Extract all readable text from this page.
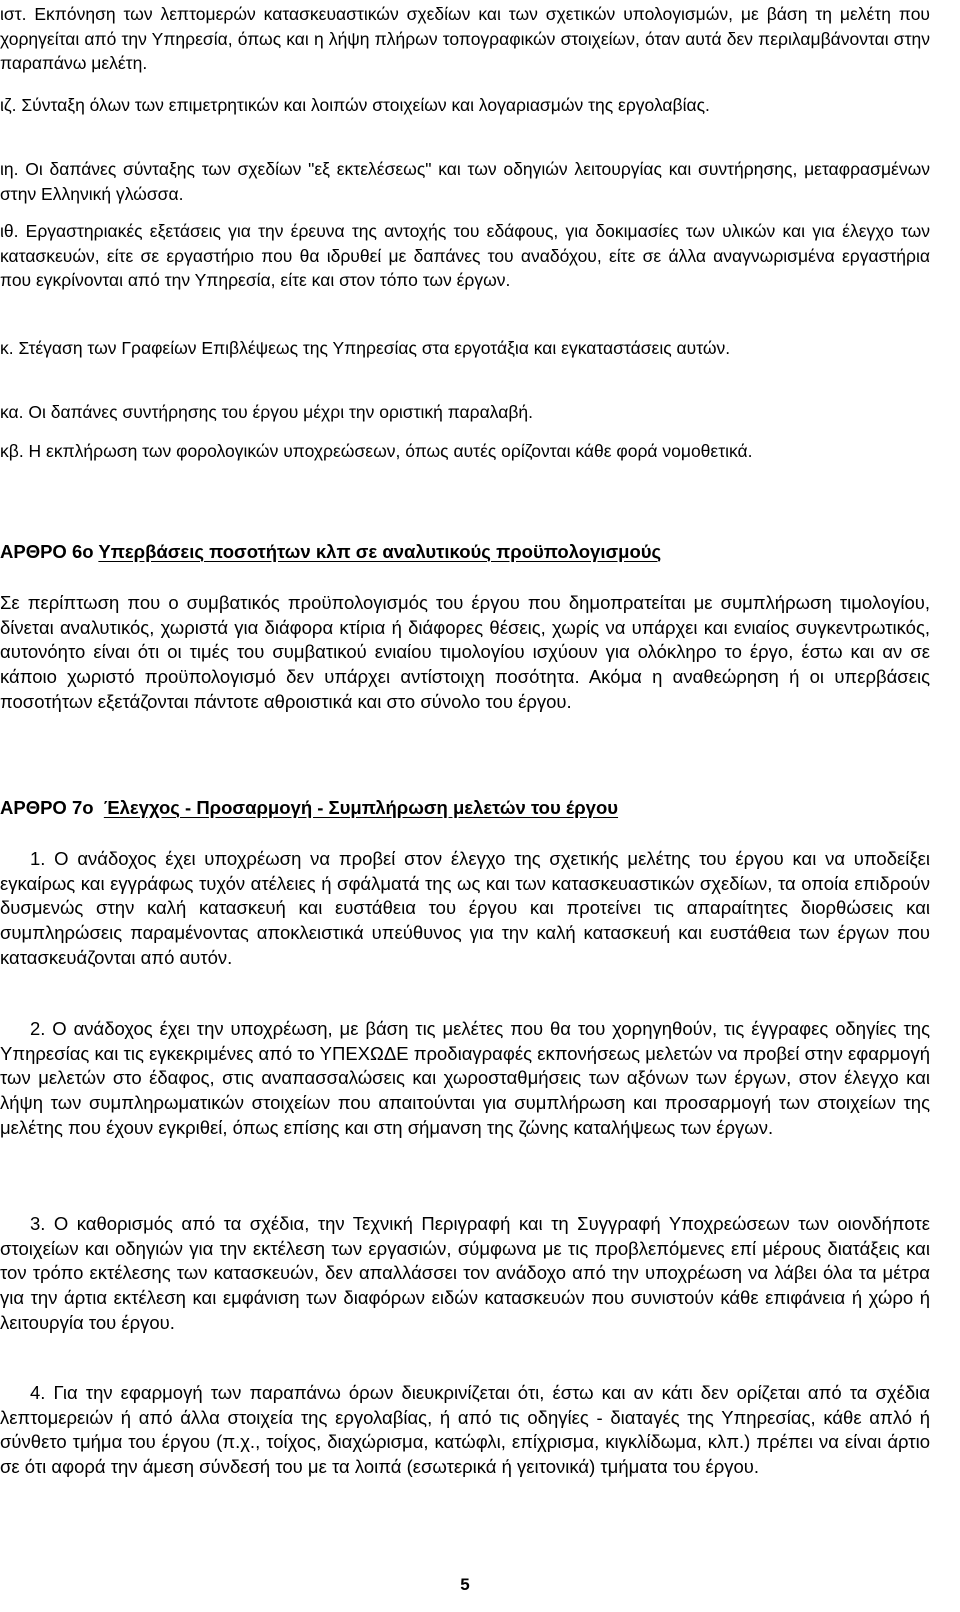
ιστ. Εκπόνηση των λεπτομερών κατασκευαστικών σχεδίων και των σχετικών υπολογισμών, με βάση τη μελέτη που χορηγείται από την Υπηρεσία, όπως και η λήψη πλήρων τοπογραφικών στοιχείων, όταν αυτά δεν περιλαμβάνονται στην παραπάνω μελέτη.

ιζ. Σύνταξη όλων των επιμετρητικών και λοιπών στοιχείων και λογαριασμών της εργολαβίας.

ιη. Οι δαπάνες σύνταξης των σχεδίων "εξ εκτελέσεως" και των οδηγιών λειτουργίας και συντήρησης, μεταφρασμένων στην Ελληνική γλώσσα.

ιθ. Εργαστηριακές εξετάσεις για την έρευνα της αντοχής του εδάφους, για δοκιμασίες των υλικών και για έλεγχο των κατασκευών, είτε σε εργαστήριο που θα ιδρυθεί με δαπάνες του αναδόχου, είτε σε άλλα αναγνωρισμένα εργαστήρια που εγκρίνονται από την Υπηρεσία, είτε και στον τόπο των έργων.

κ. Στέγαση των Γραφείων Επιβλέψεως της Υπηρεσίας στα εργοτάξια και εγκαταστάσεις αυτών.

κα. Οι δαπάνες συντήρησης του έργου μέχρι την οριστική παραλαβή.

κβ. Η εκπλήρωση των φορολογικών υποχρεώσεων, όπως αυτές ορίζονται κάθε φορά νομοθετικά.

ΑΡΘΡΟ 6ο Υπερβάσεις ποσοτήτων κλπ σε αναλυτικούς προϋπολογισμούς

Σε περίπτωση που ο συμβατικός προϋπολογισμός του έργου που δημοπρατείται με συμπλήρωση τιμολογίου, δίνεται αναλυτικός, χωριστά για διάφορα κτίρια ή διάφορες θέσεις, χωρίς να υπάρχει και ενιαίος συγκεντρωτικός, αυτονόητο είναι ότι οι τιμές του συμβατικού ενιαίου τιμολογίου ισχύουν για ολόκληρο το έργο, έστω και αν σε κάποιο χωριστό προϋπολογισμό δεν υπάρχει αντίστοιχη ποσότητα. Ακόμα η αναθεώρηση ή οι υπερβάσεις ποσοτήτων εξετάζονται πάντοτε αθροιστικά και στο σύνολο του έργου.

ΑΡΘΡΟ 7ο Έλεγχος - Προσαρμογή - Συμπλήρωση μελετών του έργου

1. Ο ανάδοχος έχει υποχρέωση να προβεί στον έλεγχο της σχετικής μελέτης του έργου και να υποδείξει εγκαίρως και εγγράφως τυχόν ατέλειες ή σφάλματά της ως και των κατασκευαστικών σχεδίων, τα οποία επιδρούν δυσμενώς στην καλή κατασκευή και ευστάθεια του έργου και προτείνει τις απαραίτητες διορθώσεις και συμπληρώσεις παραμένοντας αποκλειστικά υπεύθυνος για την καλή κατασκευή και ευστάθεια των έργων που κατασκευάζονται από αυτόν.

2. Ο ανάδοχος έχει την υποχρέωση, με βάση τις μελέτες που θα του χορηγηθούν, τις έγγραφες οδηγίες της Υπηρεσίας και τις εγκεκριμένες από το ΥΠΕΧΩΔΕ προδιαγραφές εκπονήσεως μελετών να προβεί στην εφαρμογή των μελετών στο έδαφος, στις αναπασσαλώσεις και χωροσταθμήσεις των αξόνων των έργων, στον έλεγχο και λήψη των συμπληρωματικών στοιχείων που απαιτούνται για συμπλήρωση και προσαρμογή των στοιχείων της μελέτης που έχουν εγκριθεί, όπως επίσης και στη σήμανση της ζώνης καταλήψεως των έργων.

3. Ο καθορισμός από τα σχέδια, την Τεχνική Περιγραφή και τη Συγγραφή Υποχρεώσεων των οιονδήποτε στοιχείων και οδηγιών για την εκτέλεση των εργασιών, σύμφωνα με τις προβλεπόμενες επί μέρους διατάξεις και τον τρόπο εκτέλεσης των κατασκευών, δεν απαλλάσσει τον ανάδοχο από την υποχρέωση να λάβει όλα τα μέτρα για την άρτια εκτέλεση και εμφάνιση των διαφόρων ειδών κατασκευών που συνιστούν κάθε επιφάνεια ή χώρο ή λειτουργία του έργου.

4. Για την εφαρμογή των παραπάνω όρων διευκρινίζεται ότι, έστω και αν κάτι δεν ορίζεται από τα σχέδια λεπτομερειών ή από άλλα στοιχεία της εργολαβίας, ή από τις οδηγίες - διαταγές της Υπηρεσίας, κάθε απλό ή σύνθετο τμήμα του έργου (π.χ., τοίχος, διαχώρισμα, κατώφλι, επίχρισμα, κιγκλίδωμα, κλπ.) πρέπει να είναι άρτιο σε ότι αφορά την άμεση σύνδεσή του με τα λοιπά (εσωτερικά ή γειτονικά) τμήματα του έργου.

5
